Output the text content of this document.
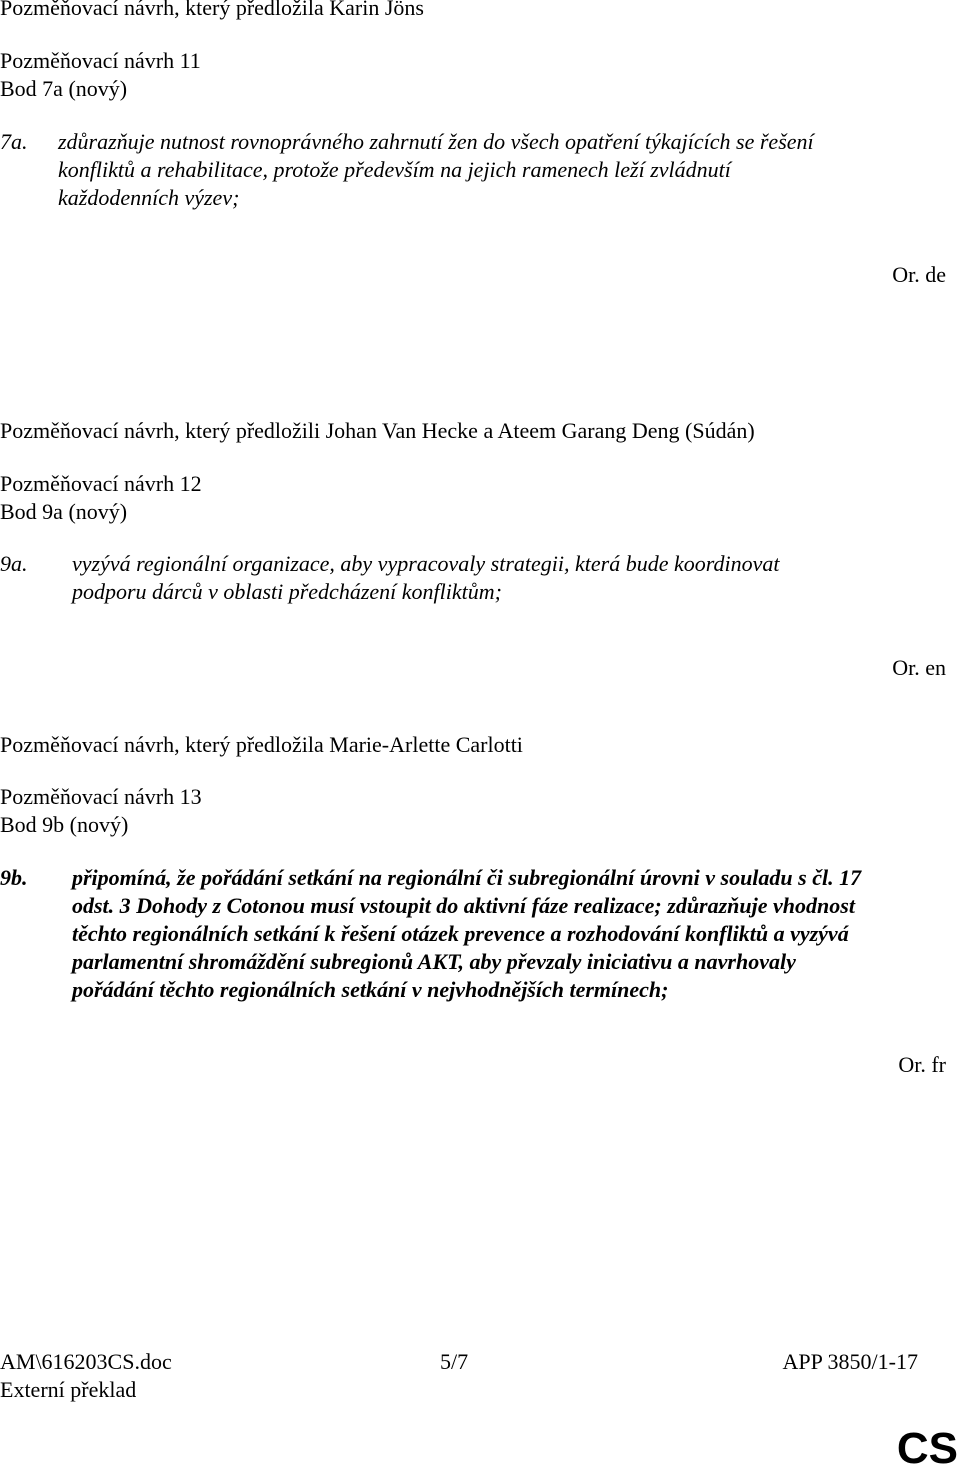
Pozměňovací návrh, který předložila Karin Jöns
Pozměňovací návrh 11
Bod 7a (nový)
7a. zdůrazňuje nutnost rovnoprávného zahrnutí žen do všech opatření týkajících se řešení
konfliktů a rehabilitace, protože především na jejich ramenech leží zvládnutí
každodenních výzev;
Or. de
Pozměňovací návrh, který předložili Johan Van Hecke a Ateem Garang Deng (Súdán)
Pozměňovací návrh 12
Bod 9a (nový)
9a. vyzývá regionální organizace, aby vypracovaly strategii, která bude koordinovat
podporu dárců v oblasti předcházení konfliktům;
Or. en
Pozměňovací návrh, který předložila Marie-Arlette Carlotti
Pozměňovací návrh 13
Bod 9b (nový)
9b. připomíná, že pořádání setkání na regionální či subregionální úrovni v souladu s čl. 17
odst. 3 Dohody z Cotonou musí vstoupit do aktivní fáze realizace; zdůrazňuje vhodnost
těchto regionálních setkání k řešení otázek prevence a rozhodování konfliktů a vyzývá
parlamentní shromáždění subregionů AKT, aby převzaly iniciativu a navrhovaly
pořádání těchto regionálních setkání v nejvhodnějších termínech;
Or. fr
AM\616203CS.doc	5/7	APP 3850/1-17
Externí překlad
CS
